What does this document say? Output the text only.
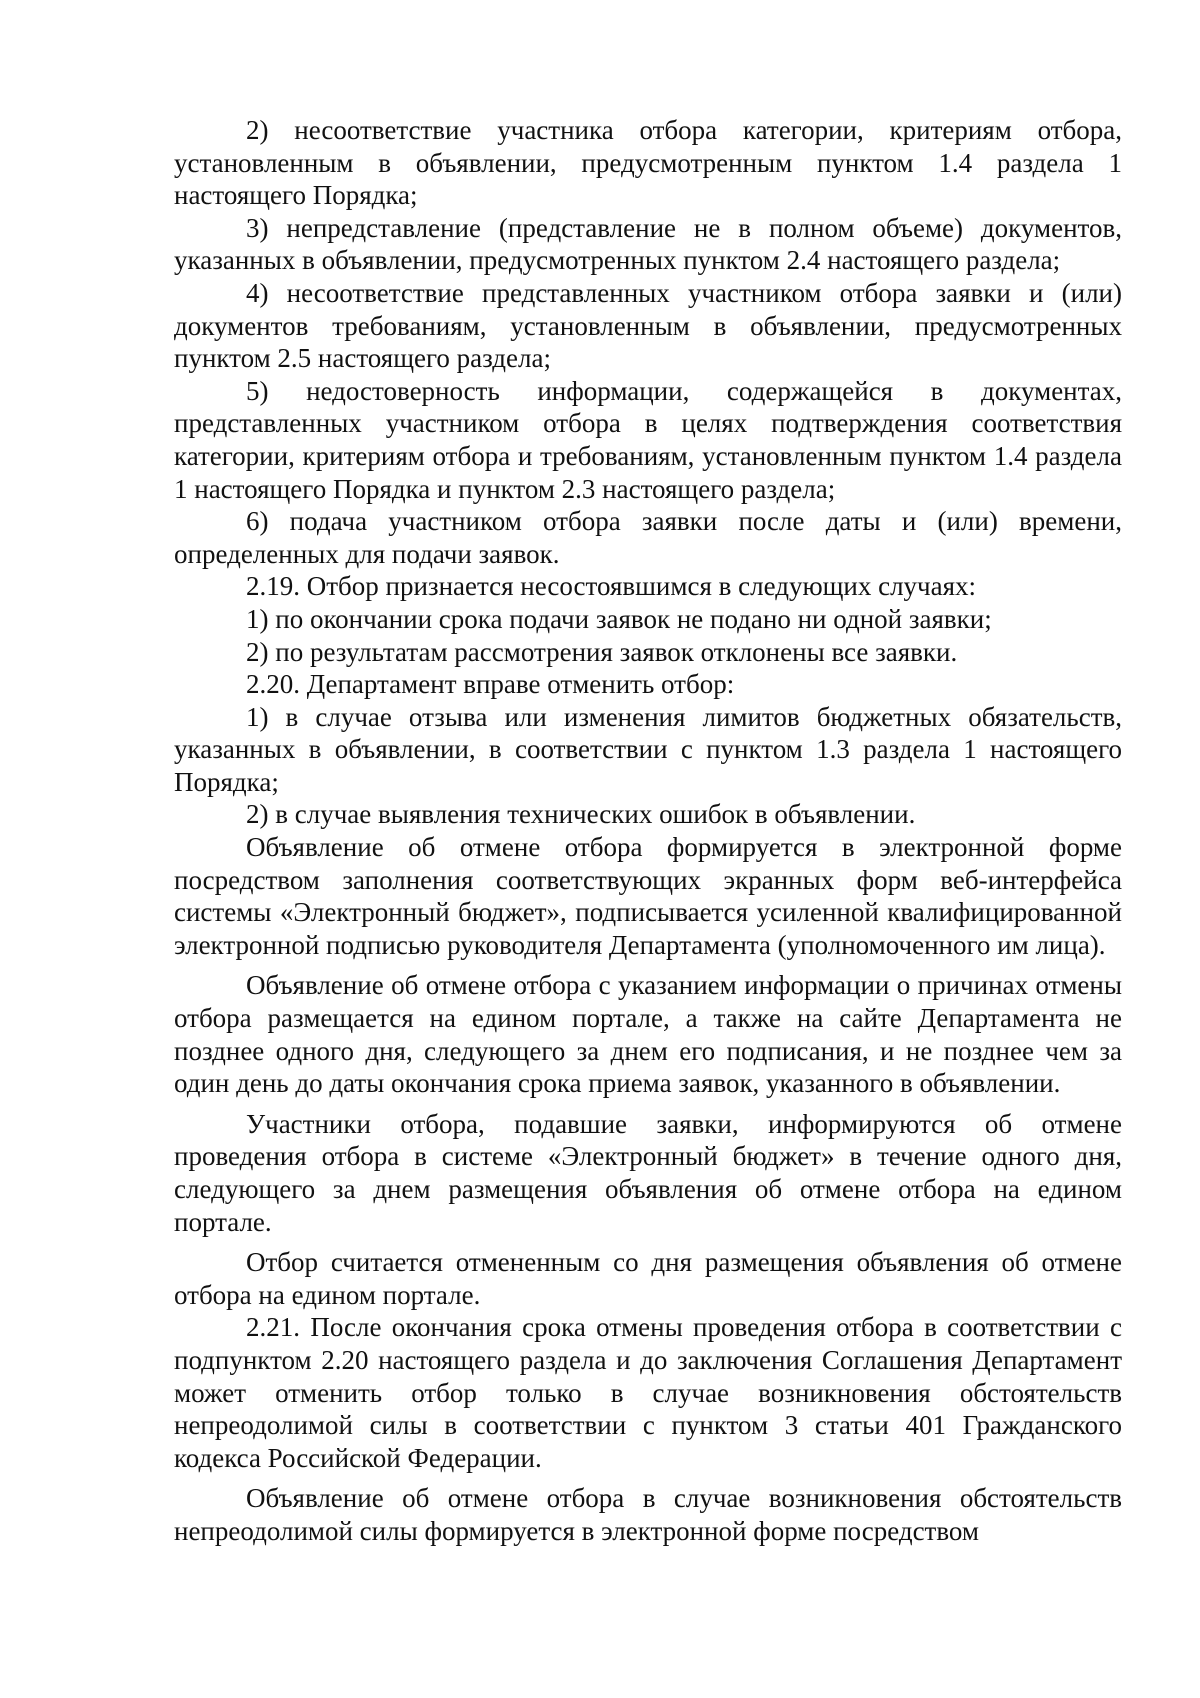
2) несоответствие участника отбора категории, критериям отбора, установленным в объявлении, предусмотренным пунктом 1.4 раздела 1 настоящего Порядка;

3) непредставление (представление не в полном объеме) документов, указанных в объявлении, предусмотренных пунктом 2.4 настоящего раздела;

4) несоответствие представленных участником отбора заявки и (или) документов требованиям, установленным в объявлении, предусмотренных пунктом 2.5 настоящего раздела;

5) недостоверность информации, содержащейся в документах, представленных участником отбора в целях подтверждения соответствия категории, критериям отбора и требованиям, установленным пунктом 1.4 раздела 1 настоящего Порядка и пунктом 2.3 настоящего раздела;

6) подача участником отбора заявки после даты и (или) времени, определенных для подачи заявок.

2.19. Отбор признается несостоявшимся в следующих случаях:

1) по окончании срока подачи заявок не подано ни одной заявки;

2) по результатам рассмотрения заявок отклонены все заявки.

2.20. Департамент вправе отменить отбор:

1) в случае отзыва или изменения лимитов бюджетных обязательств, указанных в объявлении, в соответствии с пунктом 1.3 раздела 1 настоящего Порядка;

2) в случае выявления технических ошибок в объявлении.

Объявление об отмене отбора формируется в электронной форме посредством заполнения соответствующих экранных форм веб-интерфейса системы «Электронный бюджет», подписывается усиленной квалифицированной электронной подписью руководителя Департамента (уполномоченного им лица).

Объявление об отмене отбора с указанием информации о причинах отмены отбора размещается на едином портале, а также на сайте Департамента не позднее одного дня, следующего за днем его подписания, и не позднее чем за один день до даты окончания срока приема заявок, указанного в объявлении.

Участники отбора, подавшие заявки, информируются об отмене проведения отбора в системе «Электронный бюджет» в течение одного дня, следующего за днем размещения объявления об отмене отбора на едином портале.

Отбор считается отмененным со дня размещения объявления об отмене отбора на едином портале.

2.21. После окончания срока отмены проведения отбора в соответствии с подпунктом 2.20 настоящего раздела и до заключения Соглашения Департамент может отменить отбор только в случае возникновения обстоятельств непреодолимой силы в соответствии с пунктом 3 статьи 401 Гражданского кодекса Российской Федерации.

Объявление об отмене отбора в случае возникновения обстоятельств непреодолимой силы формируется в электронной форме посредством
